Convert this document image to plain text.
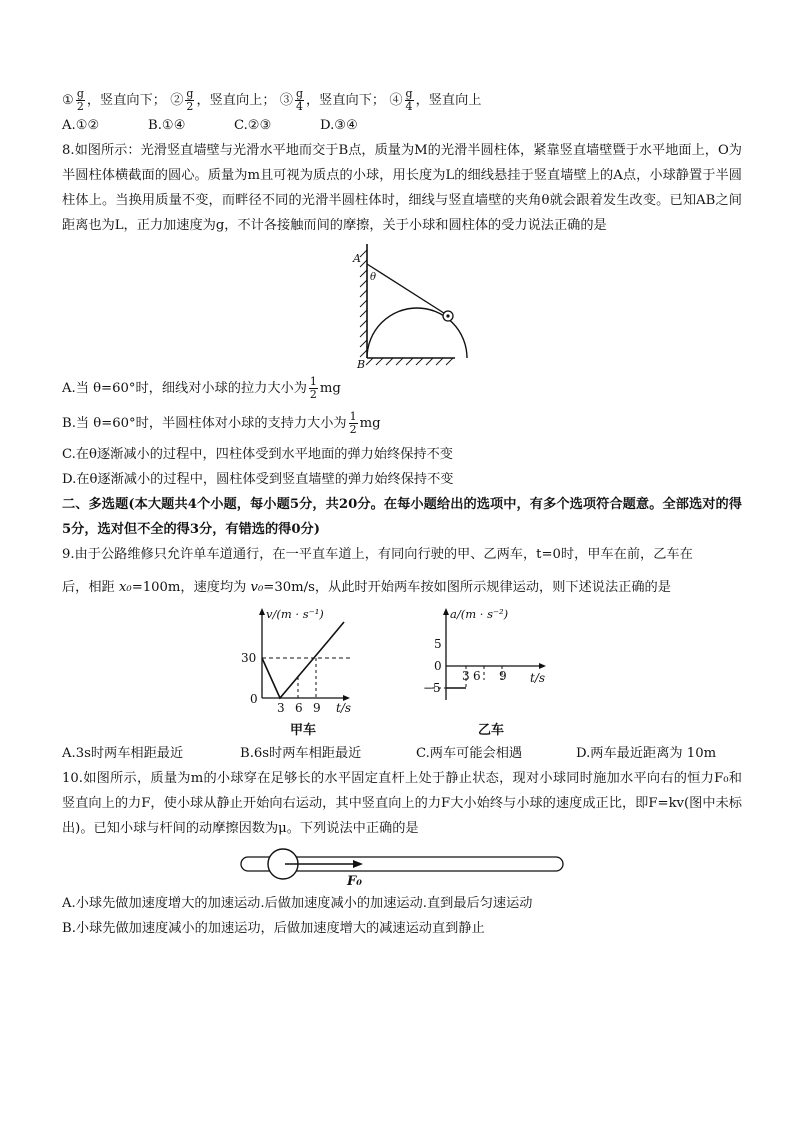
① $\frac{g}{2}$ ，竖直向下； ② $\frac{g}{2}$ ，竖直向上； ③ $\frac{g}{4}$ ，竖直向下； ④ $\frac{g}{4}$ ，竖直向上
A.①②	B.①④	C.②③	D.③④
8.如图所示：光滑竖直墙壁与光滑水平地而交于B点，质量为M的光滑半圆柱体，紧靠竖直墙壁暨于水平地面上，O为半圆柱体横截面的圆心。质量为m且可视为质点的小球，用长度为L的细线悬挂于竖直墙壁上的A点，小球静置于半圆柱体上。当换用质量不变，而畔径不同的光滑半圆柱体时，细线与竖直墙壁的夹角θ就会跟着发生改变。已知AB之间距离也为L，正力加速度为g，不计各接触而间的摩擦，关于小球和圆柱体的受力说法正确的是
A
B
θ
A.当 θ=60°时，细线对小球的拉力大小为 $\frac{1}{2}$ mg
B.当 θ=60°时，半圆柱体对小球的支持力大小为 $\frac{1}{2}$ mg
C.在θ逐渐减小的过程中，四柱体受到水平地面的弹力始终保持不变
D.在θ逐渐减小的过程中，圆柱体受到竖直墙壁的弹力始终保持不变
二、多选题(本大题共4个小题，每小题5分，共20分。在每小题给出的选项中，有多个选项符合题意。全部选对的得5分，选对但不全的得3分，有错选的得0分)
9.由于公路维修只允许单车道通行，在一平直车道上，有同向行驶的甲、乙两车，t=0时，甲车在前，乙车在
后，相距 x₀=100m，速度均为 v₀=30m/s，从此时开始两车按如图所示规律运动，则下述说法正确的是
v/(m · s⁻¹)
30
0
3 6 9 t/s
甲车
a/(m · s⁻²)
5
0
−5
3 6 9 t/s
乙车
A.3s时两车相距最近	B.6s时两车相距最近	C.两车可能会相遇	D.两车最近距离为 10m
10.如图所示，质量为m的小球穿在足够长的水平固定直杆上处于静止状态，现对小球同时施加水平向右的恒力F₀和竖直向上的力F，使小球从静止开始向右运动，其中竖直向上的力F大小始终与小球的速度成正比，即F=kv(图中未标出)。已知小球与杆间的动摩擦因数为μ。下列说法中正确的是
F₀
A.小球先做加速度增大的加速运动.后做加速度减小的加速运动.直到最后匀速运动
B.小球先做加速度减小的加速运功，后做加速度增大的减速运动直到静止
